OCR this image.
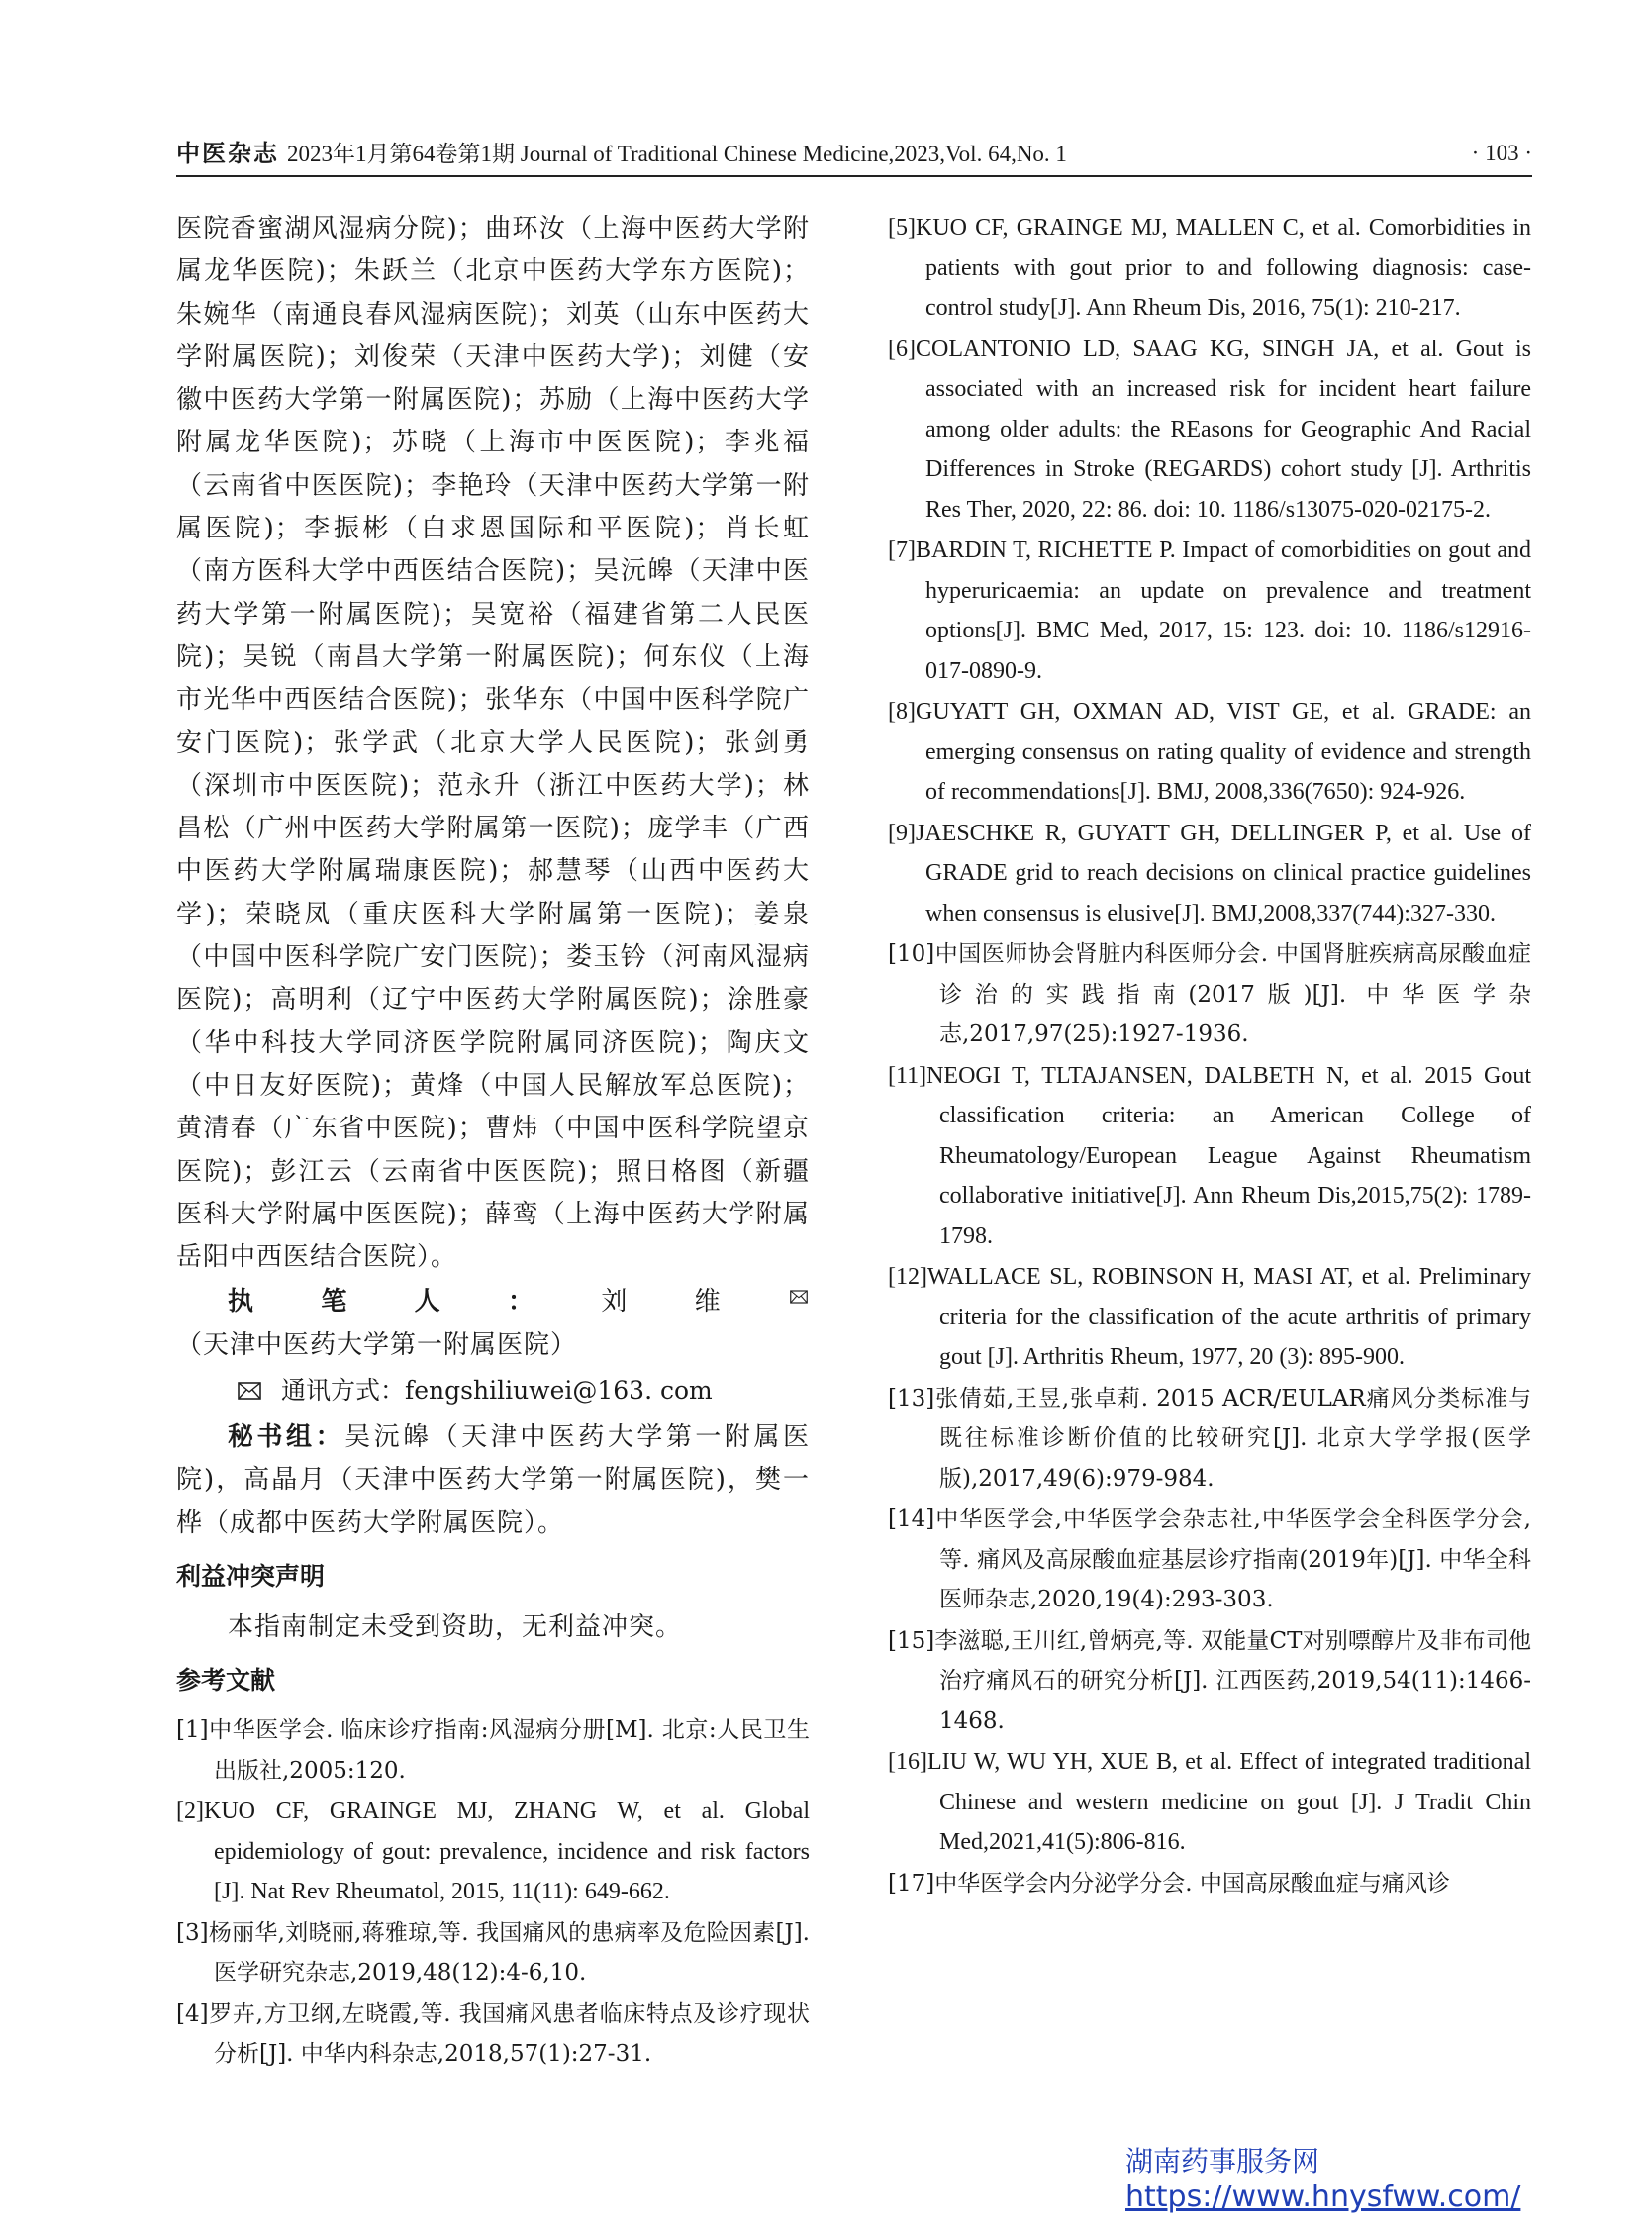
中医杂志 2023年1月第64卷第1期 Journal of Traditional Chinese Medicine,2023,Vol. 64,No. 1	· 103 ·

医院香蜜湖风湿病分院)；曲环汝（上海中医药大学附属龙华医院)；朱跃兰（北京中医药大学东方医院)；朱婉华（南通良春风湿病医院)；刘英（山东中医药大学附属医院)；刘俊荣（天津中医药大学)；刘健（安徽中医药大学第一附属医院)；苏励（上海中医药大学附属龙华医院)；苏晓（上海市中医医院)；李兆福（云南省中医医院)；李艳玲（天津中医药大学第一附属医院)；李振彬（白求恩国际和平医院)；肖长虹（南方医科大学中西医结合医院)；吴沅皞（天津中医药大学第一附属医院)；吴宽裕（福建省第二人民医院)；吴锐（南昌大学第一附属医院)；何东仪（上海市光华中西医结合医院)；张华东（中国中医科学院广安门医院)；张学武（北京大学人民医院)；张剑勇（深圳市中医医院)；范永升（浙江中医药大学)；林昌松（广州中医药大学附属第一医院)；庞学丰（广西中医药大学附属瑞康医院)；郝慧琴（山西中医药大学)；荣晓凤（重庆医科大学附属第一医院)；姜泉（中国中医科学院广安门医院)；娄玉钤（河南风湿病医院)；高明利（辽宁中医药大学附属医院)；涂胜豪（华中科技大学同济医学院附属同济医院)；陶庆文（中日友好医院)；黄烽（中国人民解放军总医院)；黄清春（广东省中医院)；曹炜（中国中医科学院望京医院)；彭江云（云南省中医医院)；照日格图（新疆医科大学附属中医医院)；薛鸾（上海中医药大学附属岳阳中西医结合医院）。

执笔人：刘维（天津中医药大学第一附属医院）

通讯方式：fengshiliuwei@163. com

秘书组：吴沅皞（天津中医药大学第一附属医院)，高晶月（天津中医药大学第一附属医院)，樊一桦（成都中医药大学附属医院）。

利益冲突声明

本指南制定未受到资助，无利益冲突。

参考文献

[1]中华医学会. 临床诊疗指南:风湿病分册[M]. 北京:人民卫生出版社,2005:120.

[2]KUO CF, GRAINGE MJ, ZHANG W, et al. Global epidemiology of gout: prevalence, incidence and risk factors [J]. Nat Rev Rheumatol, 2015, 11(11): 649-662.

[3]杨丽华,刘晓丽,蒋雅琼,等. 我国痛风的患病率及危险因素[J]. 医学研究杂志,2019,48(12):4-6,10.

[4]罗卉,方卫纲,左晓霞,等. 我国痛风患者临床特点及诊疗现状分析[J]. 中华内科杂志,2018,57(1):27-31.

[5]KUO CF, GRAINGE MJ, MALLEN C, et al. Comorbidities in patients with gout prior to and following diagnosis: case-control study[J]. Ann Rheum Dis, 2016, 75(1): 210-217.

[6]COLANTONIO LD, SAAG KG, SINGH JA, et al. Gout is associated with an increased risk for incident heart failure among older adults: the REasons for Geographic And Racial Differences in Stroke (REGARDS) cohort study [J]. Arthritis Res Ther, 2020, 22: 86. doi: 10. 1186/s13075-020-02175-2.

[7]BARDIN T, RICHETTE P. Impact of comorbidities on gout and hyperuricaemia: an update on prevalence and treatment options[J]. BMC Med, 2017, 15: 123. doi: 10. 1186/s12916-017-0890-9.

[8]GUYATT GH, OXMAN AD, VIST GE, et al. GRADE: an emerging consensus on rating quality of evidence and strength of recommendations[J]. BMJ, 2008,336(7650): 924-926.

[9]JAESCHKE R, GUYATT GH, DELLINGER P, et al. Use of GRADE grid to reach decisions on clinical practice guidelines when consensus is elusive[J]. BMJ,2008,337(744):327-330.

[10]中国医师协会肾脏内科医师分会. 中国肾脏疾病高尿酸血症诊治的实践指南(2017版)[J]. 中华医学杂志,2017,97(25):1927-1936.

[11]NEOGI T, TLTAJANSEN, DALBETH N, et al. 2015 Gout classification criteria: an American College of Rheumatology/European League Against Rheumatism collaborative initiative[J]. Ann Rheum Dis,2015,75(2): 1789-1798.

[12]WALLACE SL, ROBINSON H, MASI AT, et al. Preliminary criteria for the classification of the acute arthritis of primary gout [J]. Arthritis Rheum, 1977, 20 (3): 895-900.

[13]张倩茹,王昱,张卓莉. 2015 ACR/EULAR痛风分类标准与既往标准诊断价值的比较研究[J]. 北京大学学报(医学版),2017,49(6):979-984.

[14]中华医学会,中华医学会杂志社,中华医学会全科医学分会,等. 痛风及高尿酸血症基层诊疗指南(2019年)[J]. 中华全科医师杂志,2020,19(4):293-303.

[15]李滋聪,王川红,曾炳亮,等. 双能量CT对别嘌醇片及非布司他治疗痛风石的研究分析[J]. 江西医药,2019,54(11):1466-1468.

[16]LIU W, WU YH, XUE B, et al. Effect of integrated traditional Chinese and western medicine on gout [J]. J Tradit Chin Med,2021,41(5):806-816.

[17]中华医学会内分泌学分会. 中国高尿酸血症与痛风诊

湖南药事服务网
https://www.hnysfww.com/
